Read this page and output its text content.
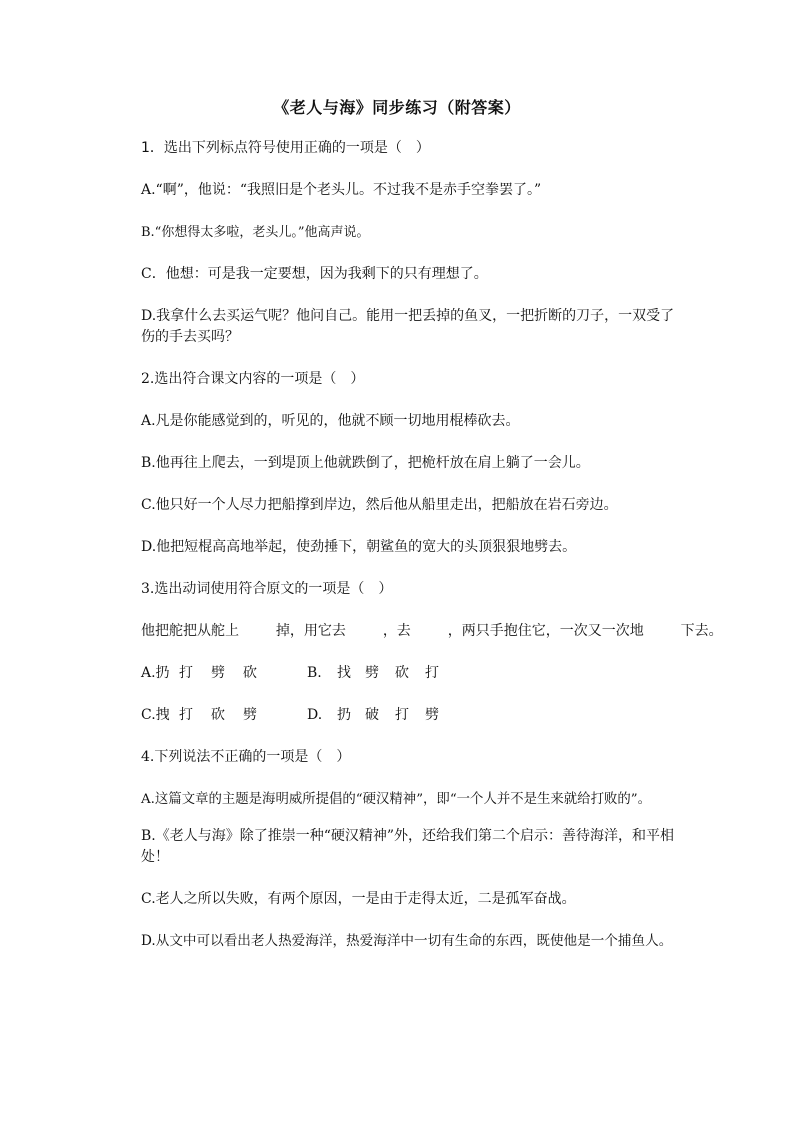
《老人与海》同步练习（附答案）
1．选出下列标点符号使用正确的一项是（　）
A.“啊”，他说：“我照旧是个老头儿。不过我不是赤手空拳罢了。”
B.“你想得太多啦，老头儿。”他高声说。
C．他想：可是我一定要想，因为我剩下的只有理想了。
D.我拿什么去买运气呢？他问自己。能用一把丢掉的鱼叉，一把折断的刀子，一双受了伤的手去买吗？
2.选出符合课文内容的一项是（　）
A.凡是你能感觉到的，听见的，他就不顾一切地用棍棒砍去。
B.他再往上爬去，一到堤顶上他就跌倒了，把桅杆放在肩上躺了一会儿。
C.他只好一个人尽力把船撑到岸边，然后他从船里走出，把船放在岩石旁边。
D.他把短棍高高地举起，使劲捶下，朝鲨鱼的宽大的头顶狠狠地劈去。
3.选出动词使用符合原文的一项是（　）
他把舵把从舵上	掉，用它去	，去	，两只手抱住它，一次又一次地	下去。
A.扔 打 劈 砍	B. 找 劈 砍 打
C.拽 打 砍 劈	D. 扔 破 打 劈
4.下列说法不正确的一项是（　）
A.这篇文章的主题是海明威所提倡的“硬汉精神”，即“一个人并不是生来就给打败的”。
B.《老人与海》除了推崇一种“硬汉精神”外，还给我们第二个启示：善待海洋，和平相处！
C.老人之所以失败，有两个原因，一是由于走得太近，二是孤军奋战。
D.从文中可以看出老人热爱海洋，热爱海洋中一切有生命的东西，既使他是一个捕鱼人。
